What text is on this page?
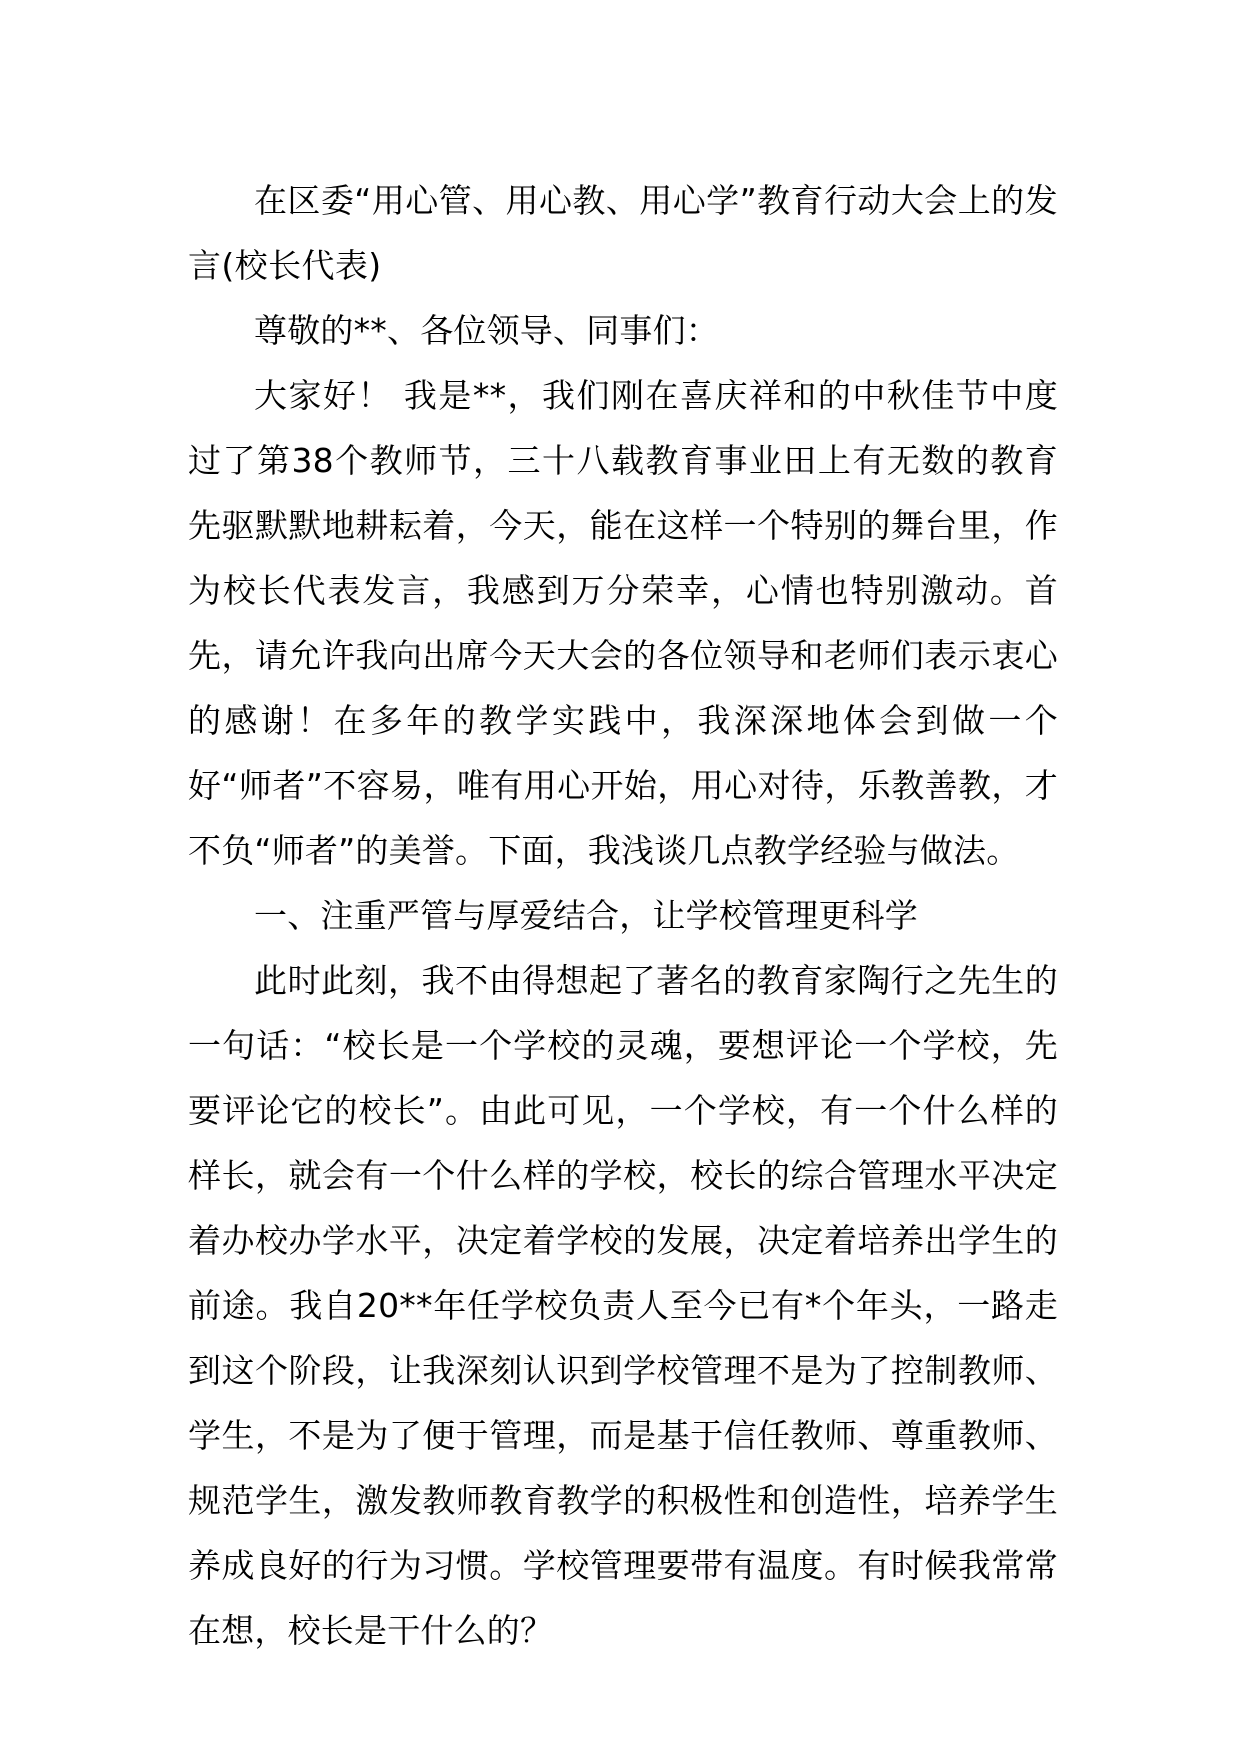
在区委“用心管、用心教、用心学”教育行动大会上的发言(校长代表)

尊敬的**、各位领导、同事们：

大家好！ 我是**，我们刚在喜庆祥和的中秋佳节中度过了第38个教师节，三十八载教育事业田上有无数的教育先驱默默地耕耘着，今天，能在这样一个特别的舞台里，作为校长代表发言，我感到万分荣幸，心情也特别激动。首先，请允许我向出席今天大会的各位领导和老师们表示衷心的感谢！在多年的教学实践中，我深深地体会到做一个好“师者”不容易，唯有用心开始，用心对待，乐教善教，才不负“师者”的美誉。下面，我浅谈几点教学经验与做法。

一、注重严管与厚爱结合，让学校管理更科学

此时此刻，我不由得想起了著名的教育家陶行之先生的一句话：“校长是一个学校的灵魂，要想评论一个学校，先要评论它的校长”。由此可见，一个学校，有一个什么样的样长，就会有一个什么样的学校，校长的综合管理水平决定着办校办学水平，决定着学校的发展，决定着培养出学生的前途。我自20**年任学校负责人至今已有*个年头，一路走到这个阶段，让我深刻认识到学校管理不是为了控制教师、学生，不是为了便于管理，而是基于信任教师、尊重教师、规范学生，激发教师教育教学的积极性和创造性，培养学生养成良好的行为习惯。学校管理要带有温度。有时候我常常在想，校长是干什么的？
